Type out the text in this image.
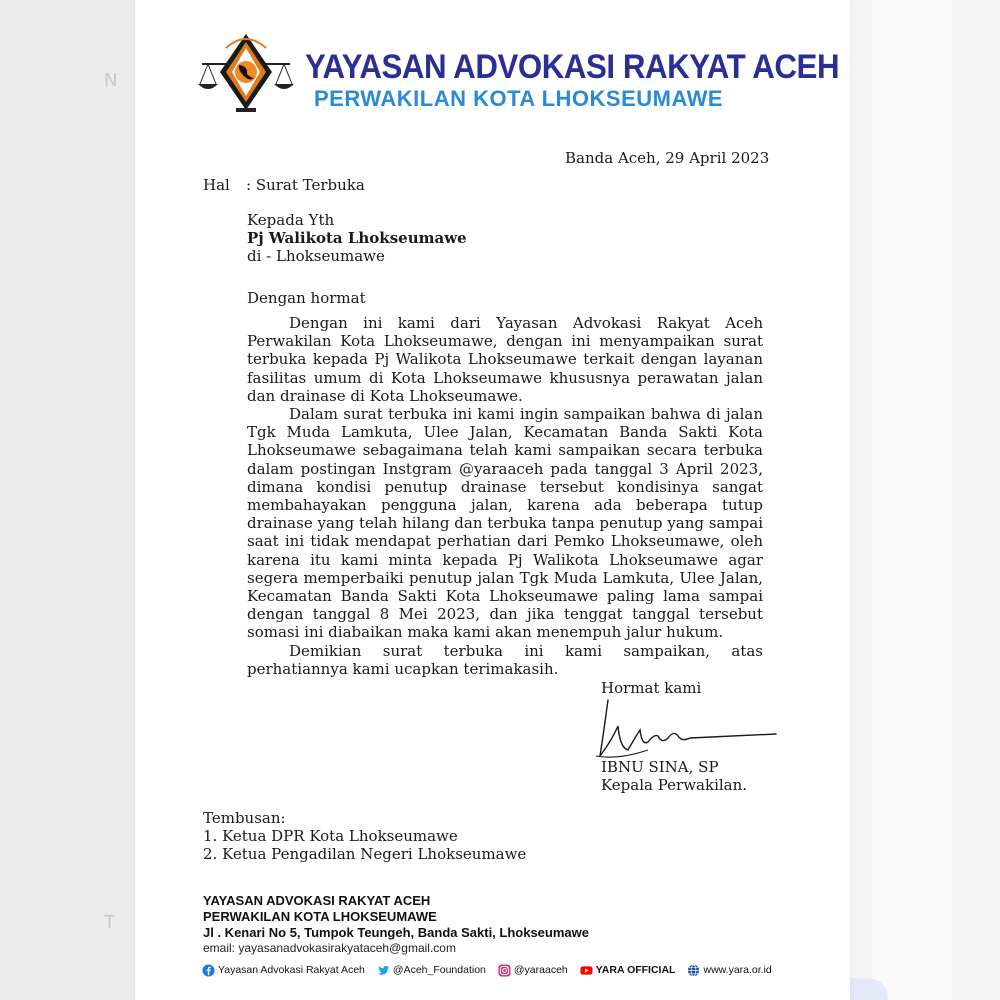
N
T
YAYASAN ADVOKASI RAKYAT ACEH
PERWAKILAN KOTA LHOKSEUMAWE
Banda Aceh, 29 April 2023
Hal : Surat Terbuka
Kepada Yth
Pj Walikota Lhokseumawe
di - Lhokseumawe
Dengan hormat

Dengan ini kami dari Yayasan Advokasi Rakyat Aceh Perwakilan Kota Lhokseumawe, dengan ini menyampaikan surat terbuka kepada Pj Walikota Lhokseumawe terkait dengan layanan fasilitas umum di Kota Lhokseumawe khususnya perawatan jalan dan drainase di Kota Lhokseumawe.

Dalam surat terbuka ini kami ingin sampaikan bahwa di jalan Tgk Muda Lamkuta, Ulee Jalan, Kecamatan Banda Sakti Kota Lhokseumawe sebagaimana telah kami sampaikan secara terbuka dalam postingan Instgram @yaraaceh pada tanggal 3 April 2023, dimana kondisi penutup drainase tersebut kondisinya sangat membahayakan pengguna jalan, karena ada beberapa tutup drainase yang telah hilang dan terbuka tanpa penutup yang sampai saat ini tidak mendapat perhatian dari Pemko Lhokseumawe, oleh karena itu kami minta kepada Pj Walikota Lhokseumawe agar segera memperbaiki penutup jalan Tgk Muda Lamkuta, Ulee Jalan, Kecamatan Banda Sakti Kota Lhokseumawe paling lama sampai dengan tanggal 8 Mei 2023, dan jika tenggat tanggal tersebut somasi ini diabaikan maka kami akan menempuh jalur hukum.

Demikian surat terbuka ini kami sampaikan, atas perhatiannya kami ucapkan terimakasih.

Hormat kami
IBNU SINA, SP
Kepala Perwakilan.
Tembusan:
1. Ketua DPR Kota Lhokseumawe
2. Ketua Pengadilan Negeri Lhokseumawe
YAYASAN ADVOKASI RAKYAT ACEH
PERWAKILAN KOTA LHOKSEUMAWE
Jl . Kenari No 5, Tumpok Teungeh, Banda Sakti, Lhokseumawe
email: yayasanadvokasirakyataceh@gmail.com
Yayasan Advokasi Rakyat Aceh	@Aceh_Foundation	@yaraaceh	YARA OFFICIAL	www.yara.or.id
